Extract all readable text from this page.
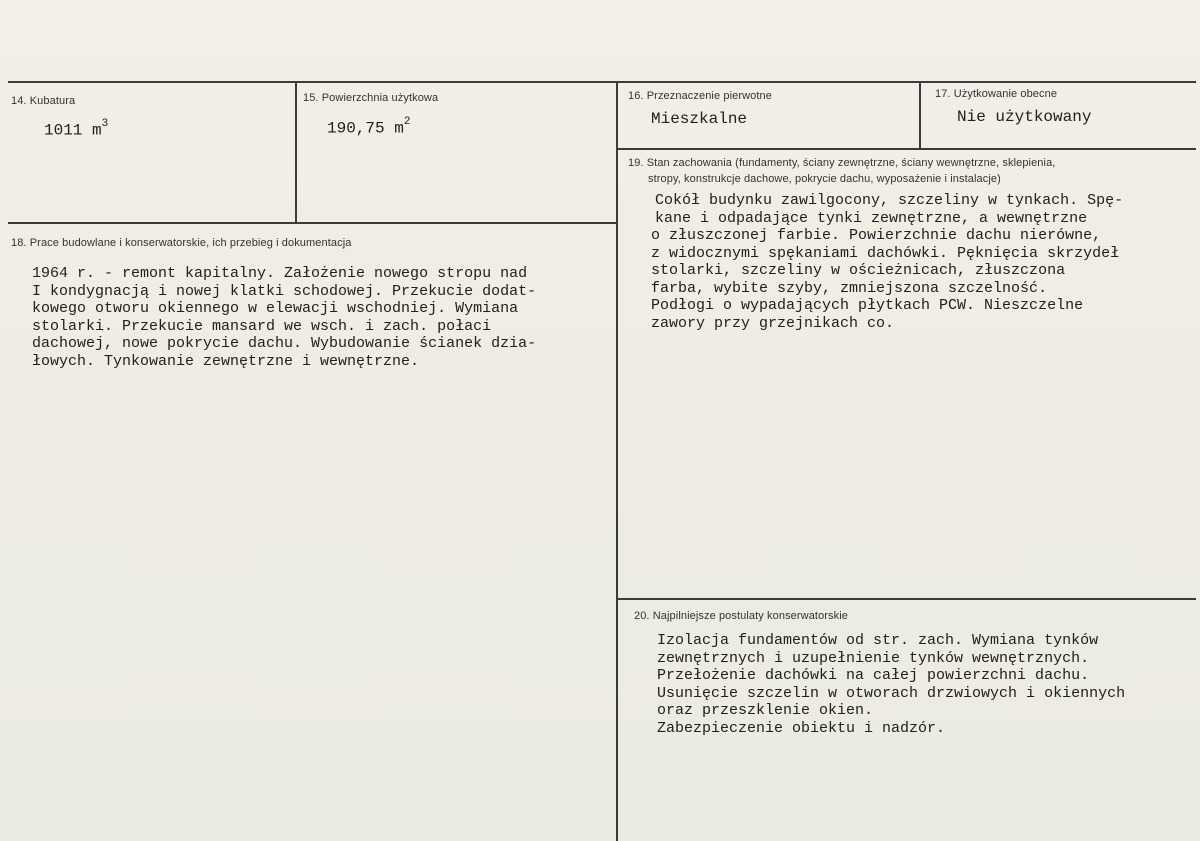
14. Kubatura
1011 $m^3$
15. Powierzchnia użytkowa
190,75 $m^2$
16. Przeznaczenie pierwotne
Mieszkalne
17. Użytkowanie obecne
Nie użytkowany
18. Prace budowlane i konserwatorskie, ich przebieg i dokumentacja
1964 r. - remont kapitalny. Założenie nowego stropu nad
I kondygnacją i nowej klatki schodowej. Przekucie dodat-
kowego otworu okiennego w elewacji wschodniej. Wymiana
stolarki. Przekucie mansard we wsch. i zach. połaci
dachowej, nowe pokrycie dachu. Wybudowanie ścianek dzia-
łowych. Tynkowanie zewnętrzne i wewnętrzne.
19. Stan zachowania (fundamenty, ściany zewnętrzne, ściany wewnętrzne, sklepienia,
stropy, konstrukcje dachowe, pokrycie dachu, wyposażenie i instalacje)
Cokół budynku zawilgocony, szczeliny w tynkach. Spę-
kane i odpadające tynki zewnętrzne, a wewnętrzne
o złuszczonej farbie. Powierzchnie dachu nierówne,
z widocznymi spękaniami dachówki. Pęknięcia skrzydeł
stolarki, szczeliny w ościeżnicach, złuszczona
farba, wybite szyby, zmniejszona szczelność.
Podłogi o wypadających płytkach PCW. Nieszczelne
zawory przy grzejnikach co.
20. Najpilniejsze postulaty konserwatorskie
Izolacja fundamentów od str. zach. Wymiana tynków
zewnętrznych i uzupełnienie tynków wewnętrznych.
Przełożenie dachówki na całej powierzchni dachu.
Usunięcie szczelin w otworach drzwiowych i okiennych
oraz przeszklenie okien.
Zabezpieczenie obiektu i nadzór.
